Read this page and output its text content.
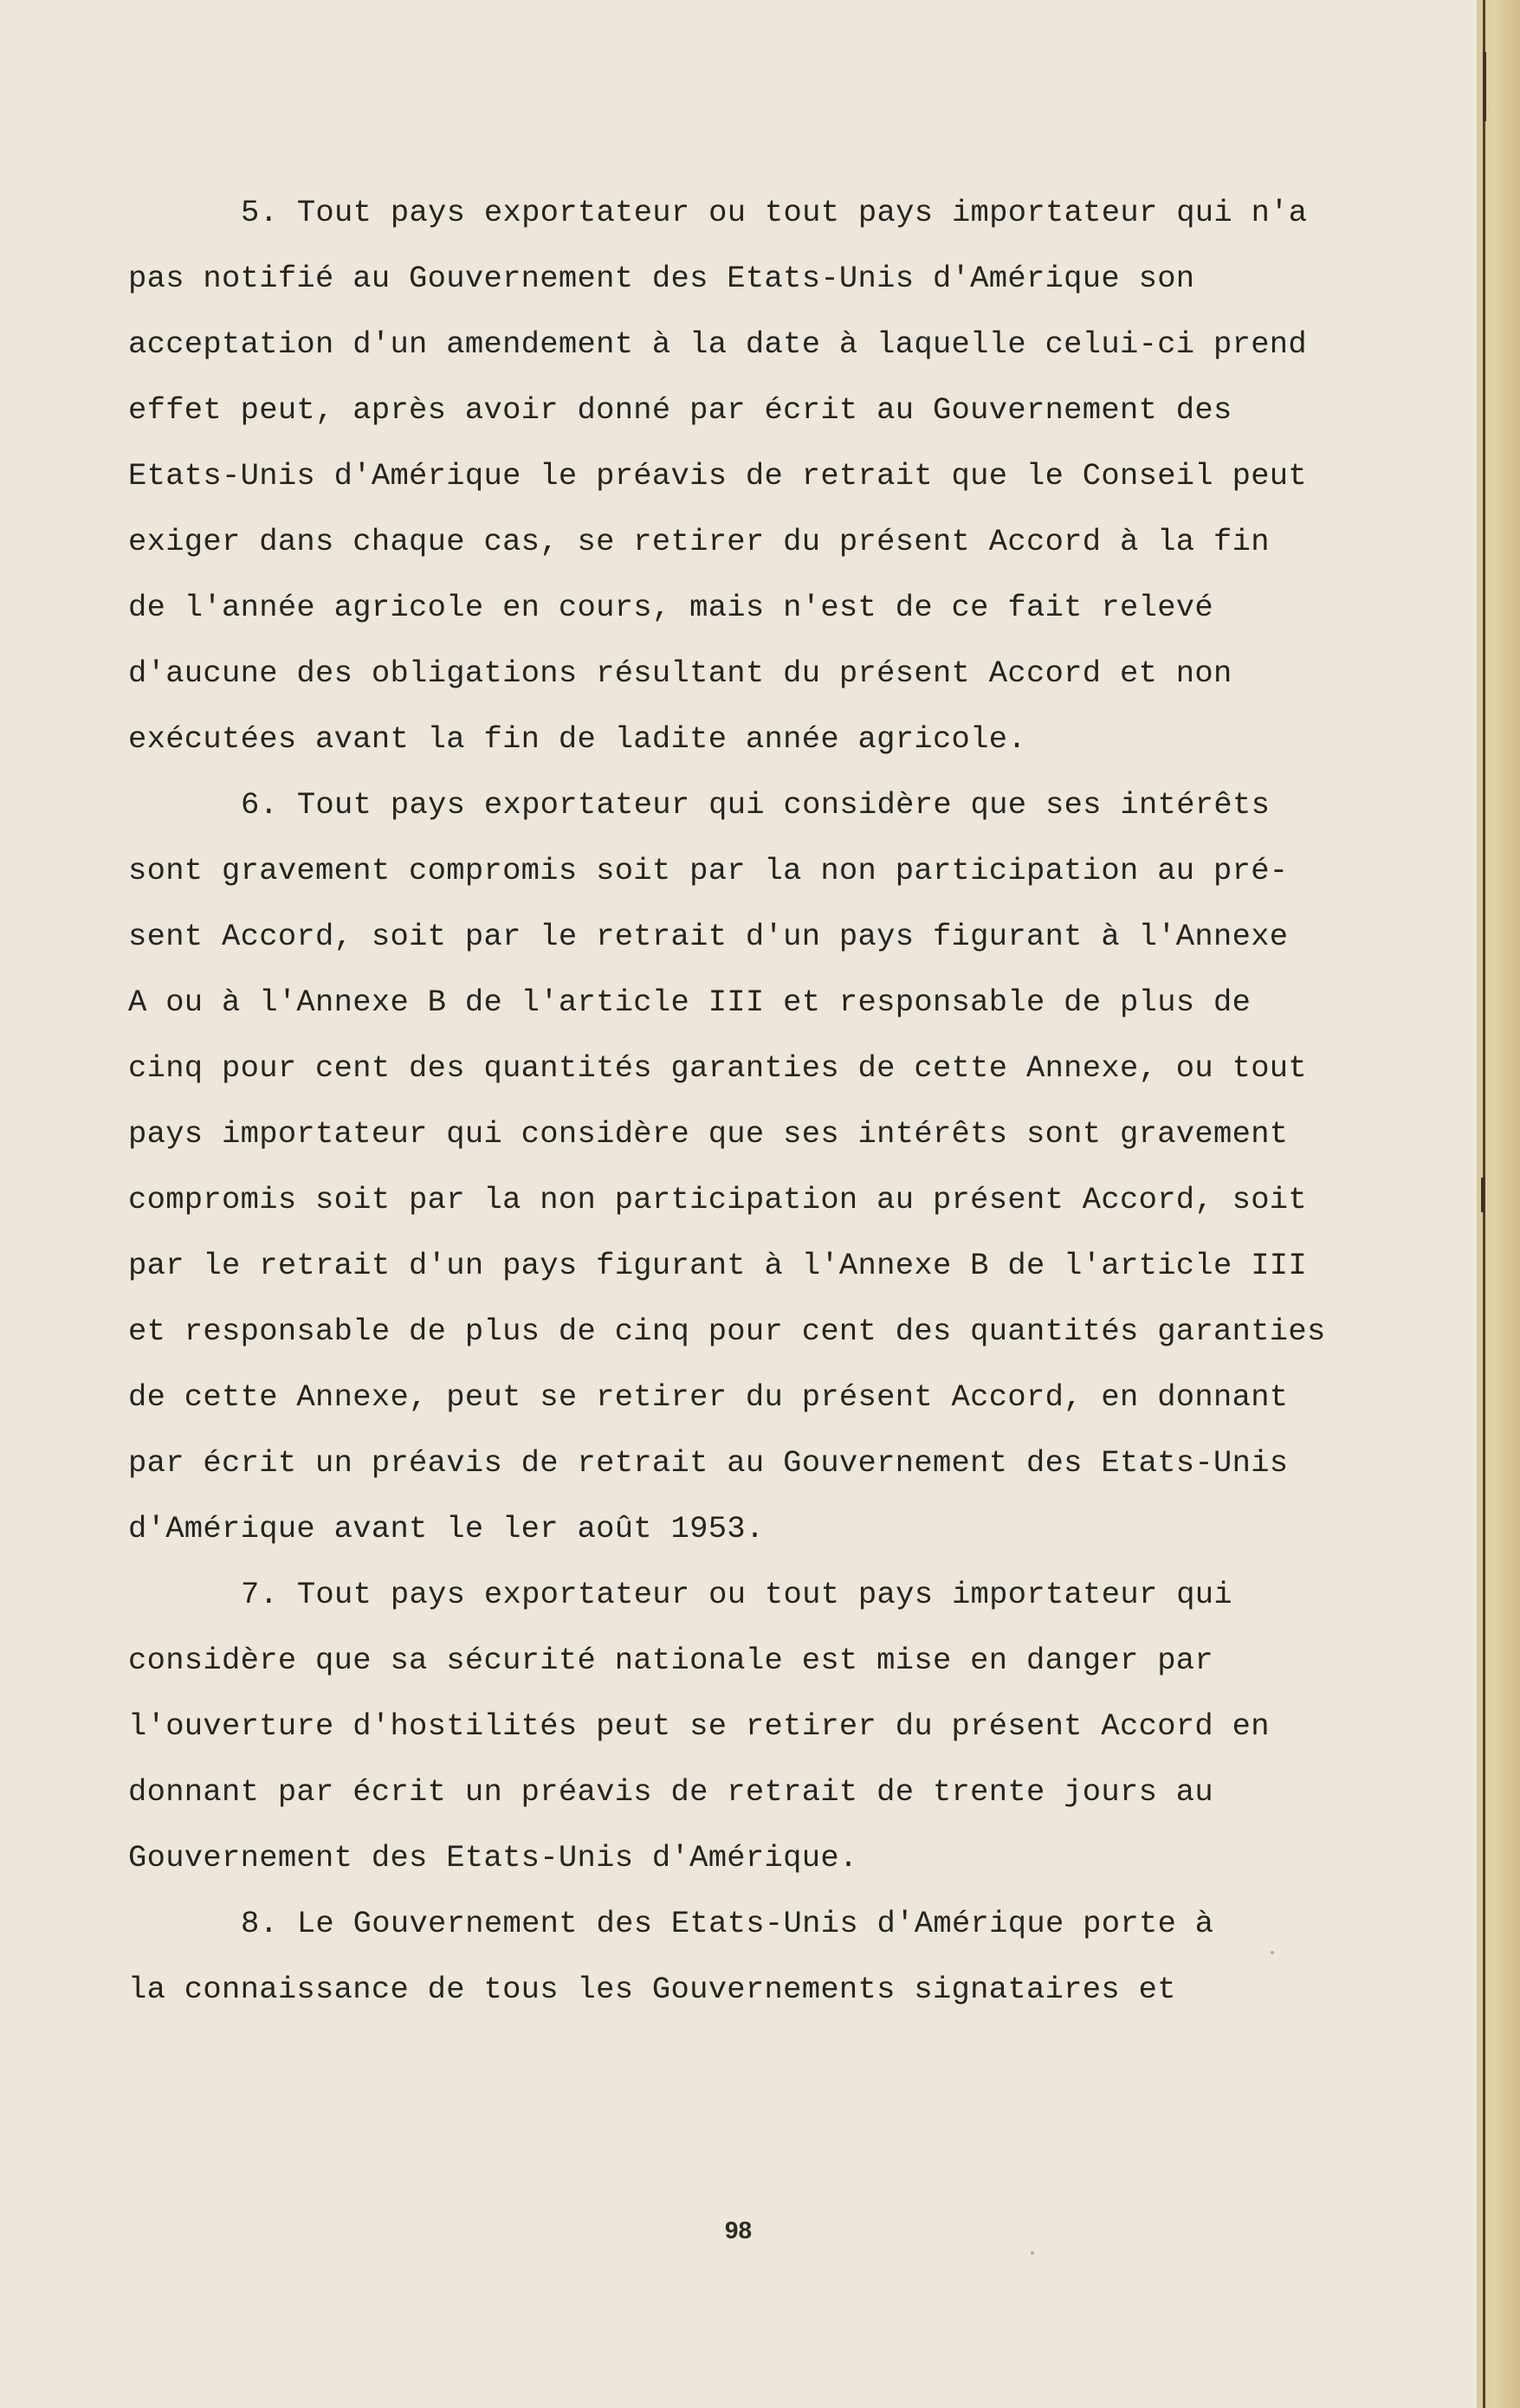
5. Tout pays exportateur ou tout pays importateur qui n'a
pas notifié au Gouvernement des Etats-Unis d'Amérique son
acceptation d'un amendement à la date à laquelle celui-ci prend
effet peut, après avoir donné par écrit au Gouvernement des
Etats-Unis d'Amérique le préavis de retrait que le Conseil peut
exiger dans chaque cas, se retirer du présent Accord à la fin
de l'année agricole en cours, mais n'est de ce fait relevé
d'aucune des obligations résultant du présent Accord et non
exécutées avant la fin de ladite année agricole.
6. Tout pays exportateur qui considère que ses intérêts
sont gravement compromis soit par la non participation au pré-
sent Accord, soit par le retrait d'un pays figurant à l'Annexe
A ou à l'Annexe B de l'article III et responsable de plus de
cinq pour cent des quantités garanties de cette Annexe, ou tout
pays importateur qui considère que ses intérêts sont gravement
compromis soit par la non participation au présent Accord, soit
par le retrait d'un pays figurant à l'Annexe B de l'article III
et responsable de plus de cinq pour cent des quantités garanties
de cette Annexe, peut se retirer du présent Accord, en donnant
par écrit un préavis de retrait au Gouvernement des Etats-Unis
d'Amérique avant le ler août 1953.
7. Tout pays exportateur ou tout pays importateur qui
considère que sa sécurité nationale est mise en danger par
l'ouverture d'hostilités peut se retirer du présent Accord en
donnant par écrit un préavis de retrait de trente jours au
Gouvernement des Etats-Unis d'Amérique.
8. Le Gouvernement des Etats-Unis d'Amérique porte à
la connaissance de tous les Gouvernements signataires et
98
